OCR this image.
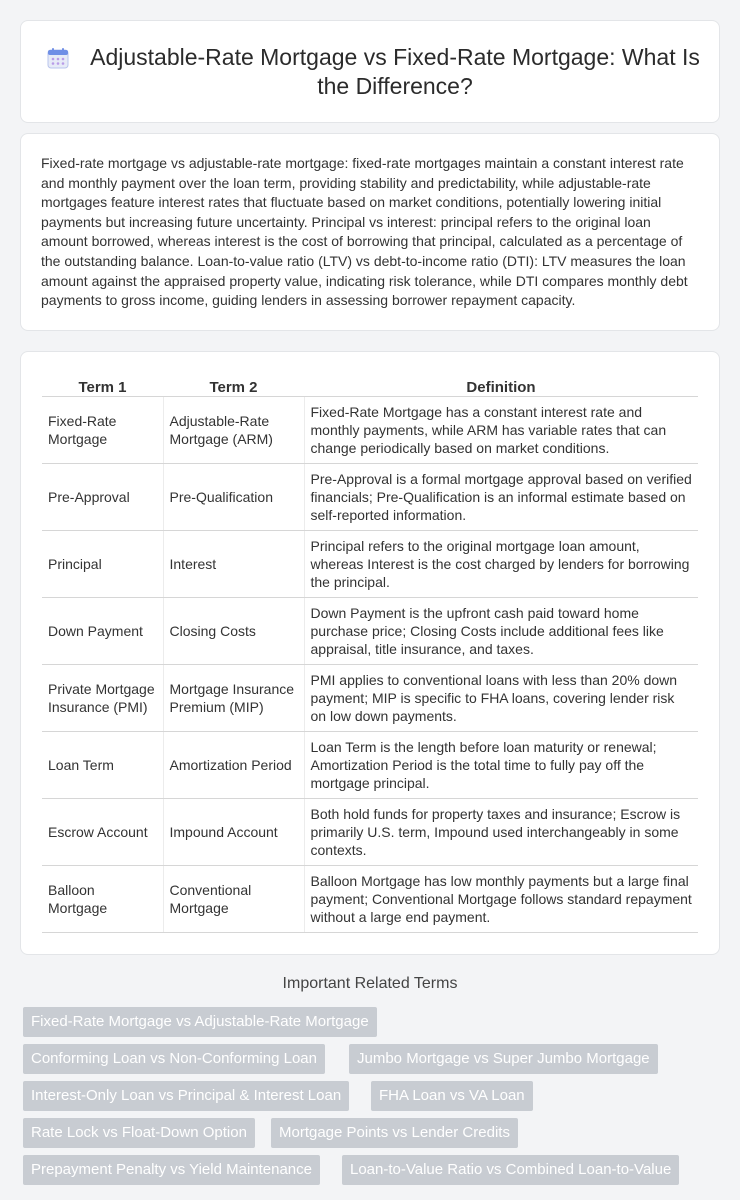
Adjustable-Rate Mortgage vs Fixed-Rate Mortgage: What Is the Difference?

Fixed-rate mortgage vs adjustable-rate mortgage: fixed-rate mortgages maintain a constant interest rate and monthly payment over the loan term, providing stability and predictability, while adjustable-rate mortgages feature interest rates that fluctuate based on market conditions, potentially lowering initial payments but increasing future uncertainty. Principal vs interest: principal refers to the original loan amount borrowed, whereas interest is the cost of borrowing that principal, calculated as a percentage of the outstanding balance. Loan-to-value ratio (LTV) vs debt-to-income ratio (DTI): LTV measures the loan amount against the appraised property value, indicating risk tolerance, while DTI compares monthly debt payments to gross income, guiding lenders in assessing borrower repayment capacity.

Term 1	Term 2	Definition
Fixed-Rate Mortgage	Adjustable-Rate Mortgage (ARM)	Fixed-Rate Mortgage has a constant interest rate and monthly payments, while ARM has variable rates that can change periodically based on market conditions.
Pre-Approval	Pre-Qualification	Pre-Approval is a formal mortgage approval based on verified financials; Pre-Qualification is an informal estimate based on self-reported information.
Principal	Interest	Principal refers to the original mortgage loan amount, whereas Interest is the cost charged by lenders for borrowing the principal.
Down Payment	Closing Costs	Down Payment is the upfront cash paid toward home purchase price; Closing Costs include additional fees like appraisal, title insurance, and taxes.
Private Mortgage Insurance (PMI)	Mortgage Insurance Premium (MIP)	PMI applies to conventional loans with less than 20% down payment; MIP is specific to FHA loans, covering lender risk on low down payments.
Loan Term	Amortization Period	Loan Term is the length before loan maturity or renewal; Amortization Period is the total time to fully pay off the mortgage principal.
Escrow Account	Impound Account	Both hold funds for property taxes and insurance; Escrow is primarily U.S. term, Impound used interchangeably in some contexts.
Balloon Mortgage	Conventional Mortgage	Balloon Mortgage has low monthly payments but a large final payment; Conventional Mortgage follows standard repayment without a large end payment.
Important Related Terms
Fixed-Rate Mortgage vs Adjustable-Rate Mortgage
Conforming Loan vs Non-Conforming Loan	Jumbo Mortgage vs Super Jumbo Mortgage
Interest-Only Loan vs Principal & Interest Loan	FHA Loan vs VA Loan
Rate Lock vs Float-Down Option	Mortgage Points vs Lender Credits
Prepayment Penalty vs Yield Maintenance	Loan-to-Value Ratio vs Combined Loan-to-Value
